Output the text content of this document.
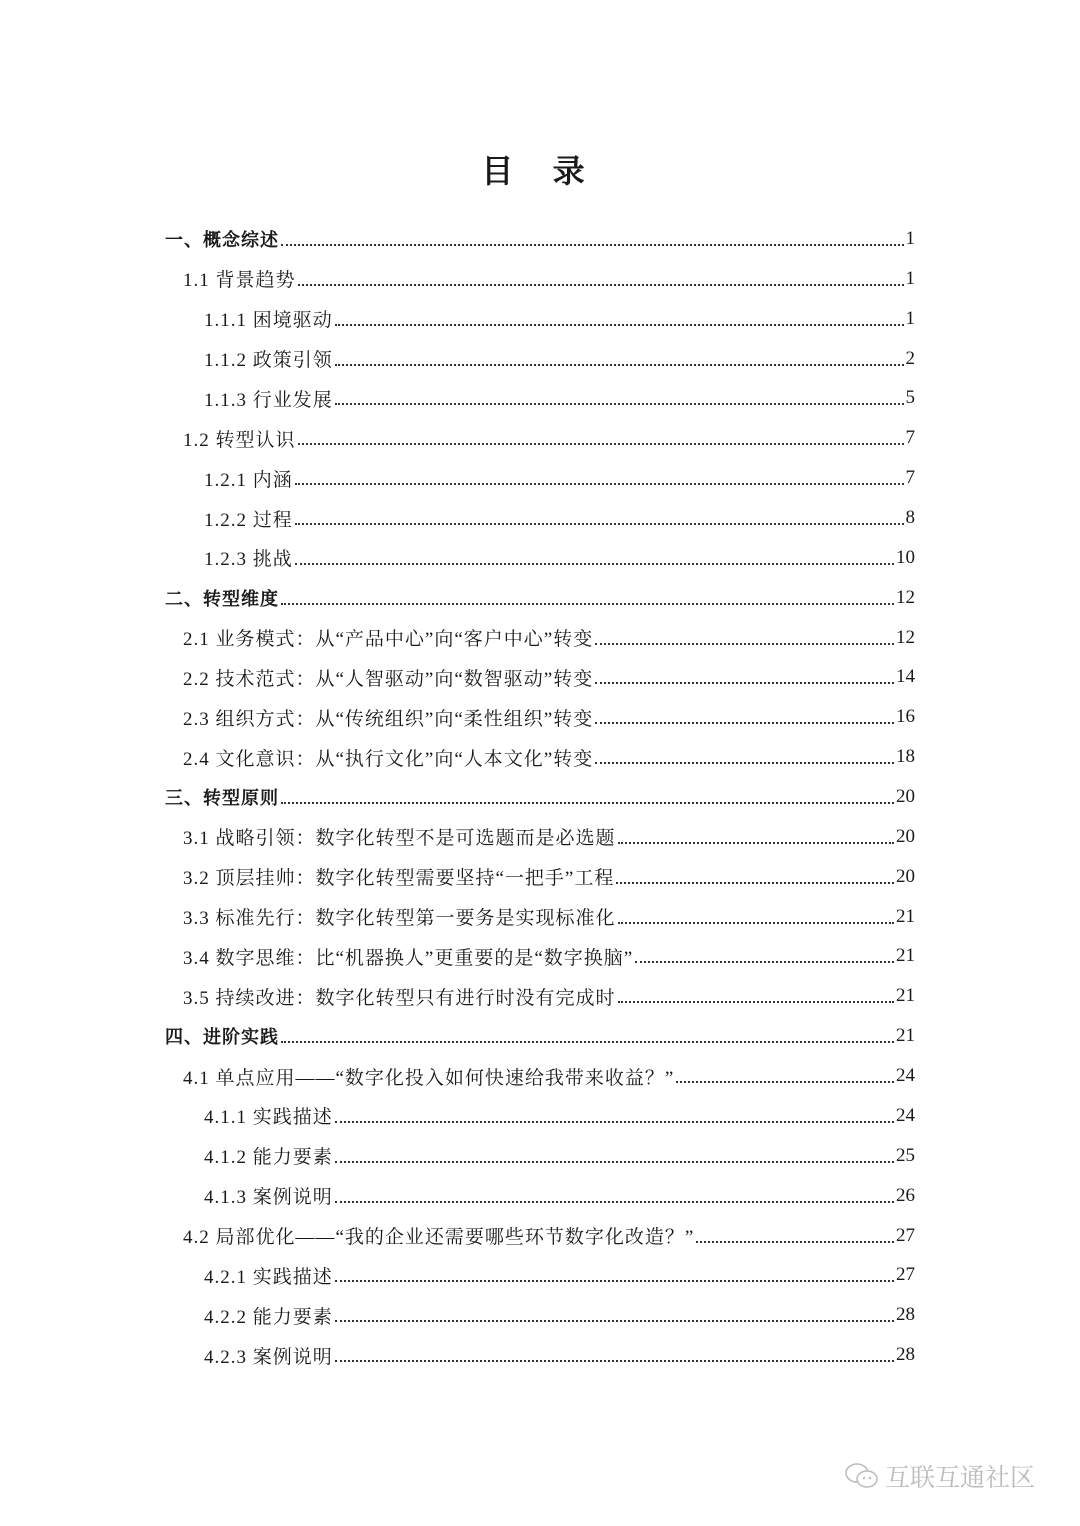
目 录
一、概念综述	1
1.1 背景趋势	1
1.1.1 困境驱动	1
1.1.2 政策引领	2
1.1.3 行业发展	5
1.2 转型认识	7
1.2.1 内涵	7
1.2.2 过程	8
1.2.3 挑战	10
二、转型维度	12
2.1 业务模式：从“产品中心”向“客户中心”转变	12
2.2 技术范式：从“人智驱动”向“数智驱动”转变	14
2.3 组织方式：从“传统组织”向“柔性组织”转变	16
2.4 文化意识：从“执行文化”向“人本文化”转变	18
三、转型原则	20
3.1 战略引领：数字化转型不是可选题而是必选题	20
3.2 顶层挂帅：数字化转型需要坚持“一把手”工程	20
3.3 标准先行：数字化转型第一要务是实现标准化	21
3.4 数字思维：比“机器换人”更重要的是“数字换脑”	21
3.5 持续改进：数字化转型只有进行时没有完成时	21
四、进阶实践	21
4.1 单点应用——“数字化投入如何快速给我带来收益？”	24
4.1.1 实践描述	24
4.1.2 能力要素	25
4.1.3 案例说明	26
4.2 局部优化——“我的企业还需要哪些环节数字化改造？”	27
4.2.1 实践描述	27
4.2.2 能力要素	28
4.2.3 案例说明	28
互联互通社区
